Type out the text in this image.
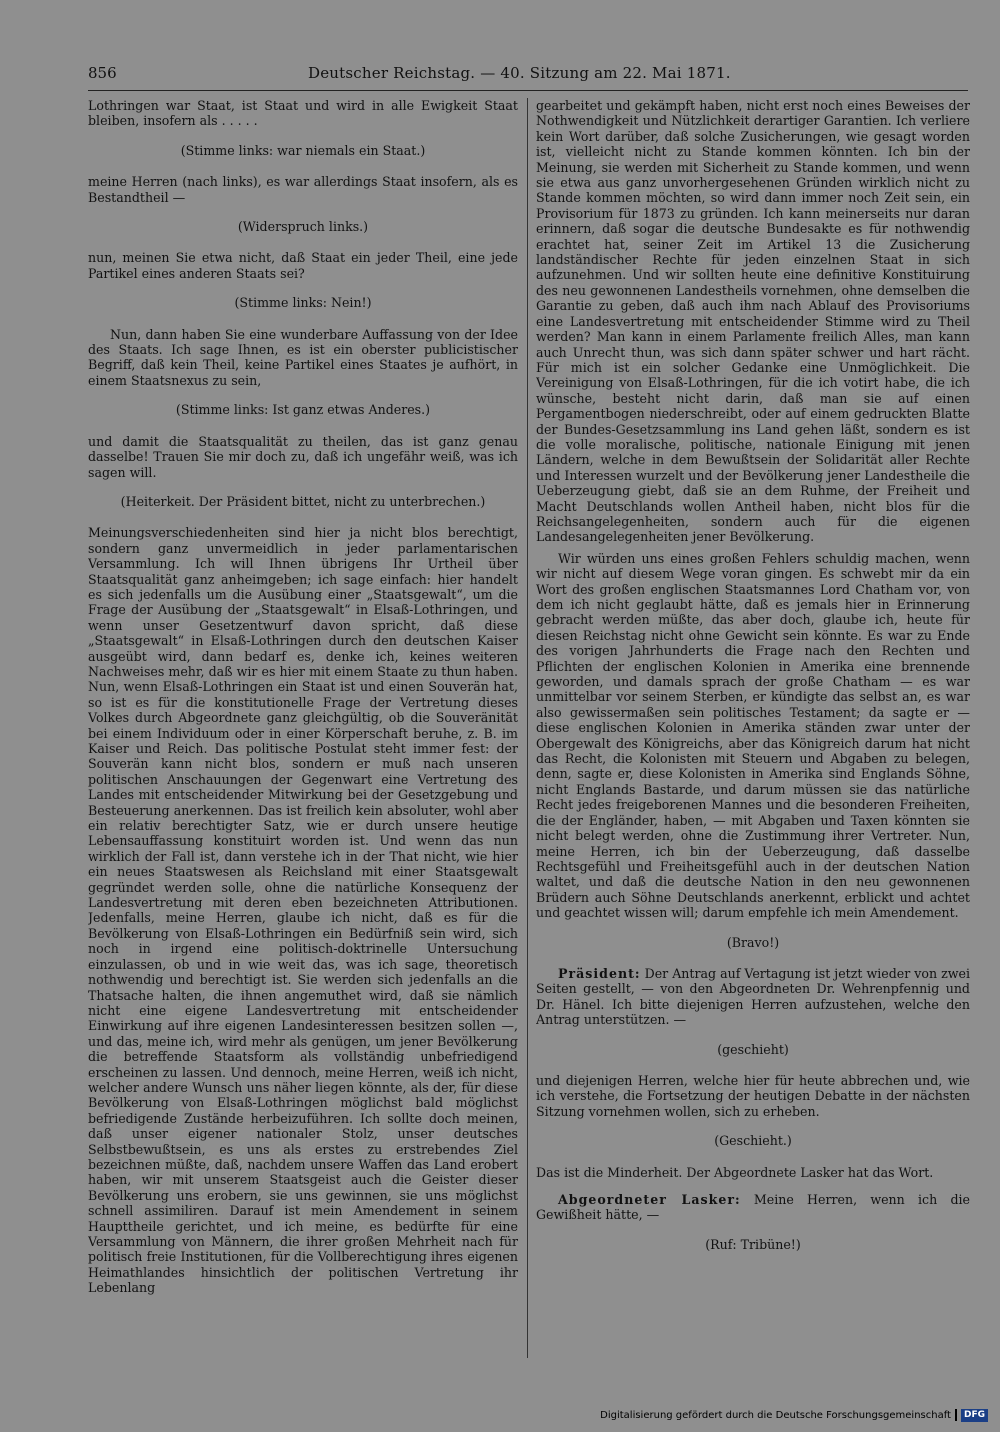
856	Deutscher Reichstag. — 40. Sitzung am 22. Mai 1871.

Lothringen war Staat, ist Staat und wird in alle Ewigkeit Staat bleiben, insofern als . . . . .

(Stimme links: war niemals ein Staat.)

meine Herren (nach links), es war allerdings Staat insofern, als es Bestandtheil —

(Widerspruch links.)

nun, meinen Sie etwa nicht, daß Staat ein jeder Theil, eine jede Partikel eines anderen Staats sei?

(Stimme links: Nein!)

Nun, dann haben Sie eine wunderbare Auffassung von der Idee des Staats. Ich sage Ihnen, es ist ein oberster publicistischer Begriff, daß kein Theil, keine Partikel eines Staates je aufhört, in einem Staatsnexus zu sein,

(Stimme links: Ist ganz etwas Anderes.)

und damit die Staatsqualität zu theilen, das ist ganz genau dasselbe! Trauen Sie mir doch zu, daß ich ungefähr weiß, was ich sagen will.

(Heiterkeit. Der Präsident bittet, nicht zu unterbrechen.)

Meinungsverschiedenheiten sind hier ja nicht blos berechtigt, sondern ganz unvermeidlich in jeder parlamentarischen Versammlung. Ich will Ihnen übrigens Ihr Urtheil über Staatsqualität ganz anheimgeben; ich sage einfach: hier handelt es sich jedenfalls um die Ausübung einer „Staatsgewalt“, um die Frage der Ausübung der „Staatsgewalt“ in Elsaß-Lothringen, und wenn unser Gesetzentwurf davon spricht, daß diese „Staatsgewalt“ in Elsaß-Lothringen durch den deutschen Kaiser ausgeübt wird, dann bedarf es, denke ich, keines weiteren Nachweises mehr, daß wir es hier mit einem Staate zu thun haben. Nun, wenn Elsaß-Lothringen ein Staat ist und einen Souverän hat, so ist es für die konstitutionelle Frage der Vertretung dieses Volkes durch Abgeordnete ganz gleichgültig, ob die Souveränität bei einem Individuum oder in einer Körperschaft beruhe, z. B. im Kaiser und Reich. Das politische Postulat steht immer fest: der Souverän kann nicht blos, sondern er muß nach unseren politischen Anschauungen der Gegenwart eine Vertretung des Landes mit entscheidender Mitwirkung bei der Gesetzgebung und Besteuerung anerkennen. Das ist freilich kein absoluter, wohl aber ein relativ berechtigter Satz, wie er durch unsere heutige Lebensauffassung konstituirt worden ist. Und wenn das nun wirklich der Fall ist, dann verstehe ich in der That nicht, wie hier ein neues Staatswesen als Reichsland mit einer Staatsgewalt gegründet werden solle, ohne die natürliche Konsequenz der Landesvertretung mit deren eben bezeichneten Attributionen. Jedenfalls, meine Herren, glaube ich nicht, daß es für die Bevölkerung von Elsaß-Lothringen ein Bedürfniß sein wird, sich noch in irgend eine politisch-doktrinelle Untersuchung einzulassen, ob und in wie weit das, was ich sage, theoretisch nothwendig und berechtigt ist. Sie werden sich jedenfalls an die Thatsache halten, die ihnen angemuthet wird, daß sie nämlich nicht eine eigene Landesvertretung mit entscheidender Einwirkung auf ihre eigenen Landesinteressen besitzen sollen —, und das, meine ich, wird mehr als genügen, um jener Bevölkerung die betreffende Staatsform als vollständig unbefriedigend erscheinen zu lassen. Und dennoch, meine Herren, weiß ich nicht, welcher andere Wunsch uns näher liegen könnte, als der, für diese Bevölkerung von Elsaß-Lothringen möglichst bald möglichst befriedigende Zustände herbeizuführen. Ich sollte doch meinen, daß unser eigener nationaler Stolz, unser deutsches Selbstbewußtsein, es uns als erstes zu erstrebendes Ziel bezeichnen müßte, daß, nachdem unsere Waffen das Land erobert haben, wir mit unserem Staatsgeist auch die Geister dieser Bevölkerung uns erobern, sie uns gewinnen, sie uns möglichst schnell assimiliren. Darauf ist mein Amendement in seinem Haupttheile gerichtet, und ich meine, es bedürfte für eine Versammlung von Männern, die ihrer großen Mehrheit nach für politisch freie Institutionen, für die Vollberechtigung ihres eigenen Heimathlandes hinsichtlich der politischen Vertretung ihr Lebenlang

gearbeitet und gekämpft haben, nicht erst noch eines Beweises der Nothwendigkeit und Nützlichkeit derartiger Garantien. Ich verliere kein Wort darüber, daß solche Zusicherungen, wie gesagt worden ist, vielleicht nicht zu Stande kommen könnten. Ich bin der Meinung, sie werden mit Sicherheit zu Stande kommen, und wenn sie etwa aus ganz unvorhergesehenen Gründen wirklich nicht zu Stande kommen möchten, so wird dann immer noch Zeit sein, ein Provisorium für 1873 zu gründen. Ich kann meinerseits nur daran erinnern, daß sogar die deutsche Bundesakte es für nothwendig erachtet hat, seiner Zeit im Artikel 13 die Zusicherung landständischer Rechte für jeden einzelnen Staat in sich aufzunehmen. Und wir sollten heute eine definitive Konstituirung des neu gewonnenen Landestheils vornehmen, ohne demselben die Garantie zu geben, daß auch ihm nach Ablauf des Provisoriums eine Landesvertretung mit entscheidender Stimme wird zu Theil werden? Man kann in einem Parlamente freilich Alles, man kann auch Unrecht thun, was sich dann später schwer und hart rächt. Für mich ist ein solcher Gedanke eine Unmöglichkeit. Die Vereinigung von Elsaß-Lothringen, für die ich votirt habe, die ich wünsche, besteht nicht darin, daß man sie auf einen Pergamentbogen niederschreibt, oder auf einem gedruckten Blatte der Bundes-Gesetzsammlung ins Land gehen läßt, sondern es ist die volle moralische, politische, nationale Einigung mit jenen Ländern, welche in dem Bewußtsein der Solidarität aller Rechte und Interessen wurzelt und der Bevölkerung jener Landestheile die Ueberzeugung giebt, daß sie an dem Ruhme, der Freiheit und Macht Deutschlands wollen Antheil haben, nicht blos für die Reichsangelegenheiten, sondern auch für die eigenen Landesangelegenheiten jener Bevölkerung.

Wir würden uns eines großen Fehlers schuldig machen, wenn wir nicht auf diesem Wege voran gingen. Es schwebt mir da ein Wort des großen englischen Staatsmannes Lord Chatham vor, von dem ich nicht geglaubt hätte, daß es jemals hier in Erinnerung gebracht werden müßte, das aber doch, glaube ich, heute für diesen Reichstag nicht ohne Gewicht sein könnte. Es war zu Ende des vorigen Jahrhunderts die Frage nach den Rechten und Pflichten der englischen Kolonien in Amerika eine brennende geworden, und damals sprach der große Chatham — es war unmittelbar vor seinem Sterben, er kündigte das selbst an, es war also gewissermaßen sein politisches Testament; da sagte er — diese englischen Kolonien in Amerika ständen zwar unter der Obergewalt des Königreichs, aber das Königreich darum hat nicht das Recht, die Kolonisten mit Steuern und Abgaben zu belegen, denn, sagte er, diese Kolonisten in Amerika sind Englands Söhne, nicht Englands Bastarde, und darum müssen sie das natürliche Recht jedes freigeborenen Mannes und die besonderen Freiheiten, die der Engländer, haben, — mit Abgaben und Taxen könnten sie nicht belegt werden, ohne die Zustimmung ihrer Vertreter. Nun, meine Herren, ich bin der Ueberzeugung, daß dasselbe Rechtsgefühl und Freiheitsgefühl auch in der deutschen Nation waltet, und daß die deutsche Nation in den neu gewonnenen Brüdern auch Söhne Deutschlands anerkennt, erblickt und achtet und geachtet wissen will; darum empfehle ich mein Amendement.

(Bravo!)

Präsident: Der Antrag auf Vertagung ist jetzt wieder von zwei Seiten gestellt, — von den Abgeordneten Dr. Wehrenpfennig und Dr. Hänel. Ich bitte diejenigen Herren aufzustehen, welche den Antrag unterstützen. —

(geschieht)

und diejenigen Herren, welche hier für heute abbrechen und, wie ich verstehe, die Fortsetzung der heutigen Debatte in der nächsten Sitzung vornehmen wollen, sich zu erheben.

(Geschieht.)

Das ist die Minderheit. Der Abgeordnete Lasker hat das Wort.

Abgeordneter Lasker: Meine Herren, wenn ich die Gewißheit hätte, —

(Ruf: Tribüne!)

Digitalisierung gefördert durch die Deutsche Forschungsgemeinschaft	DFG
